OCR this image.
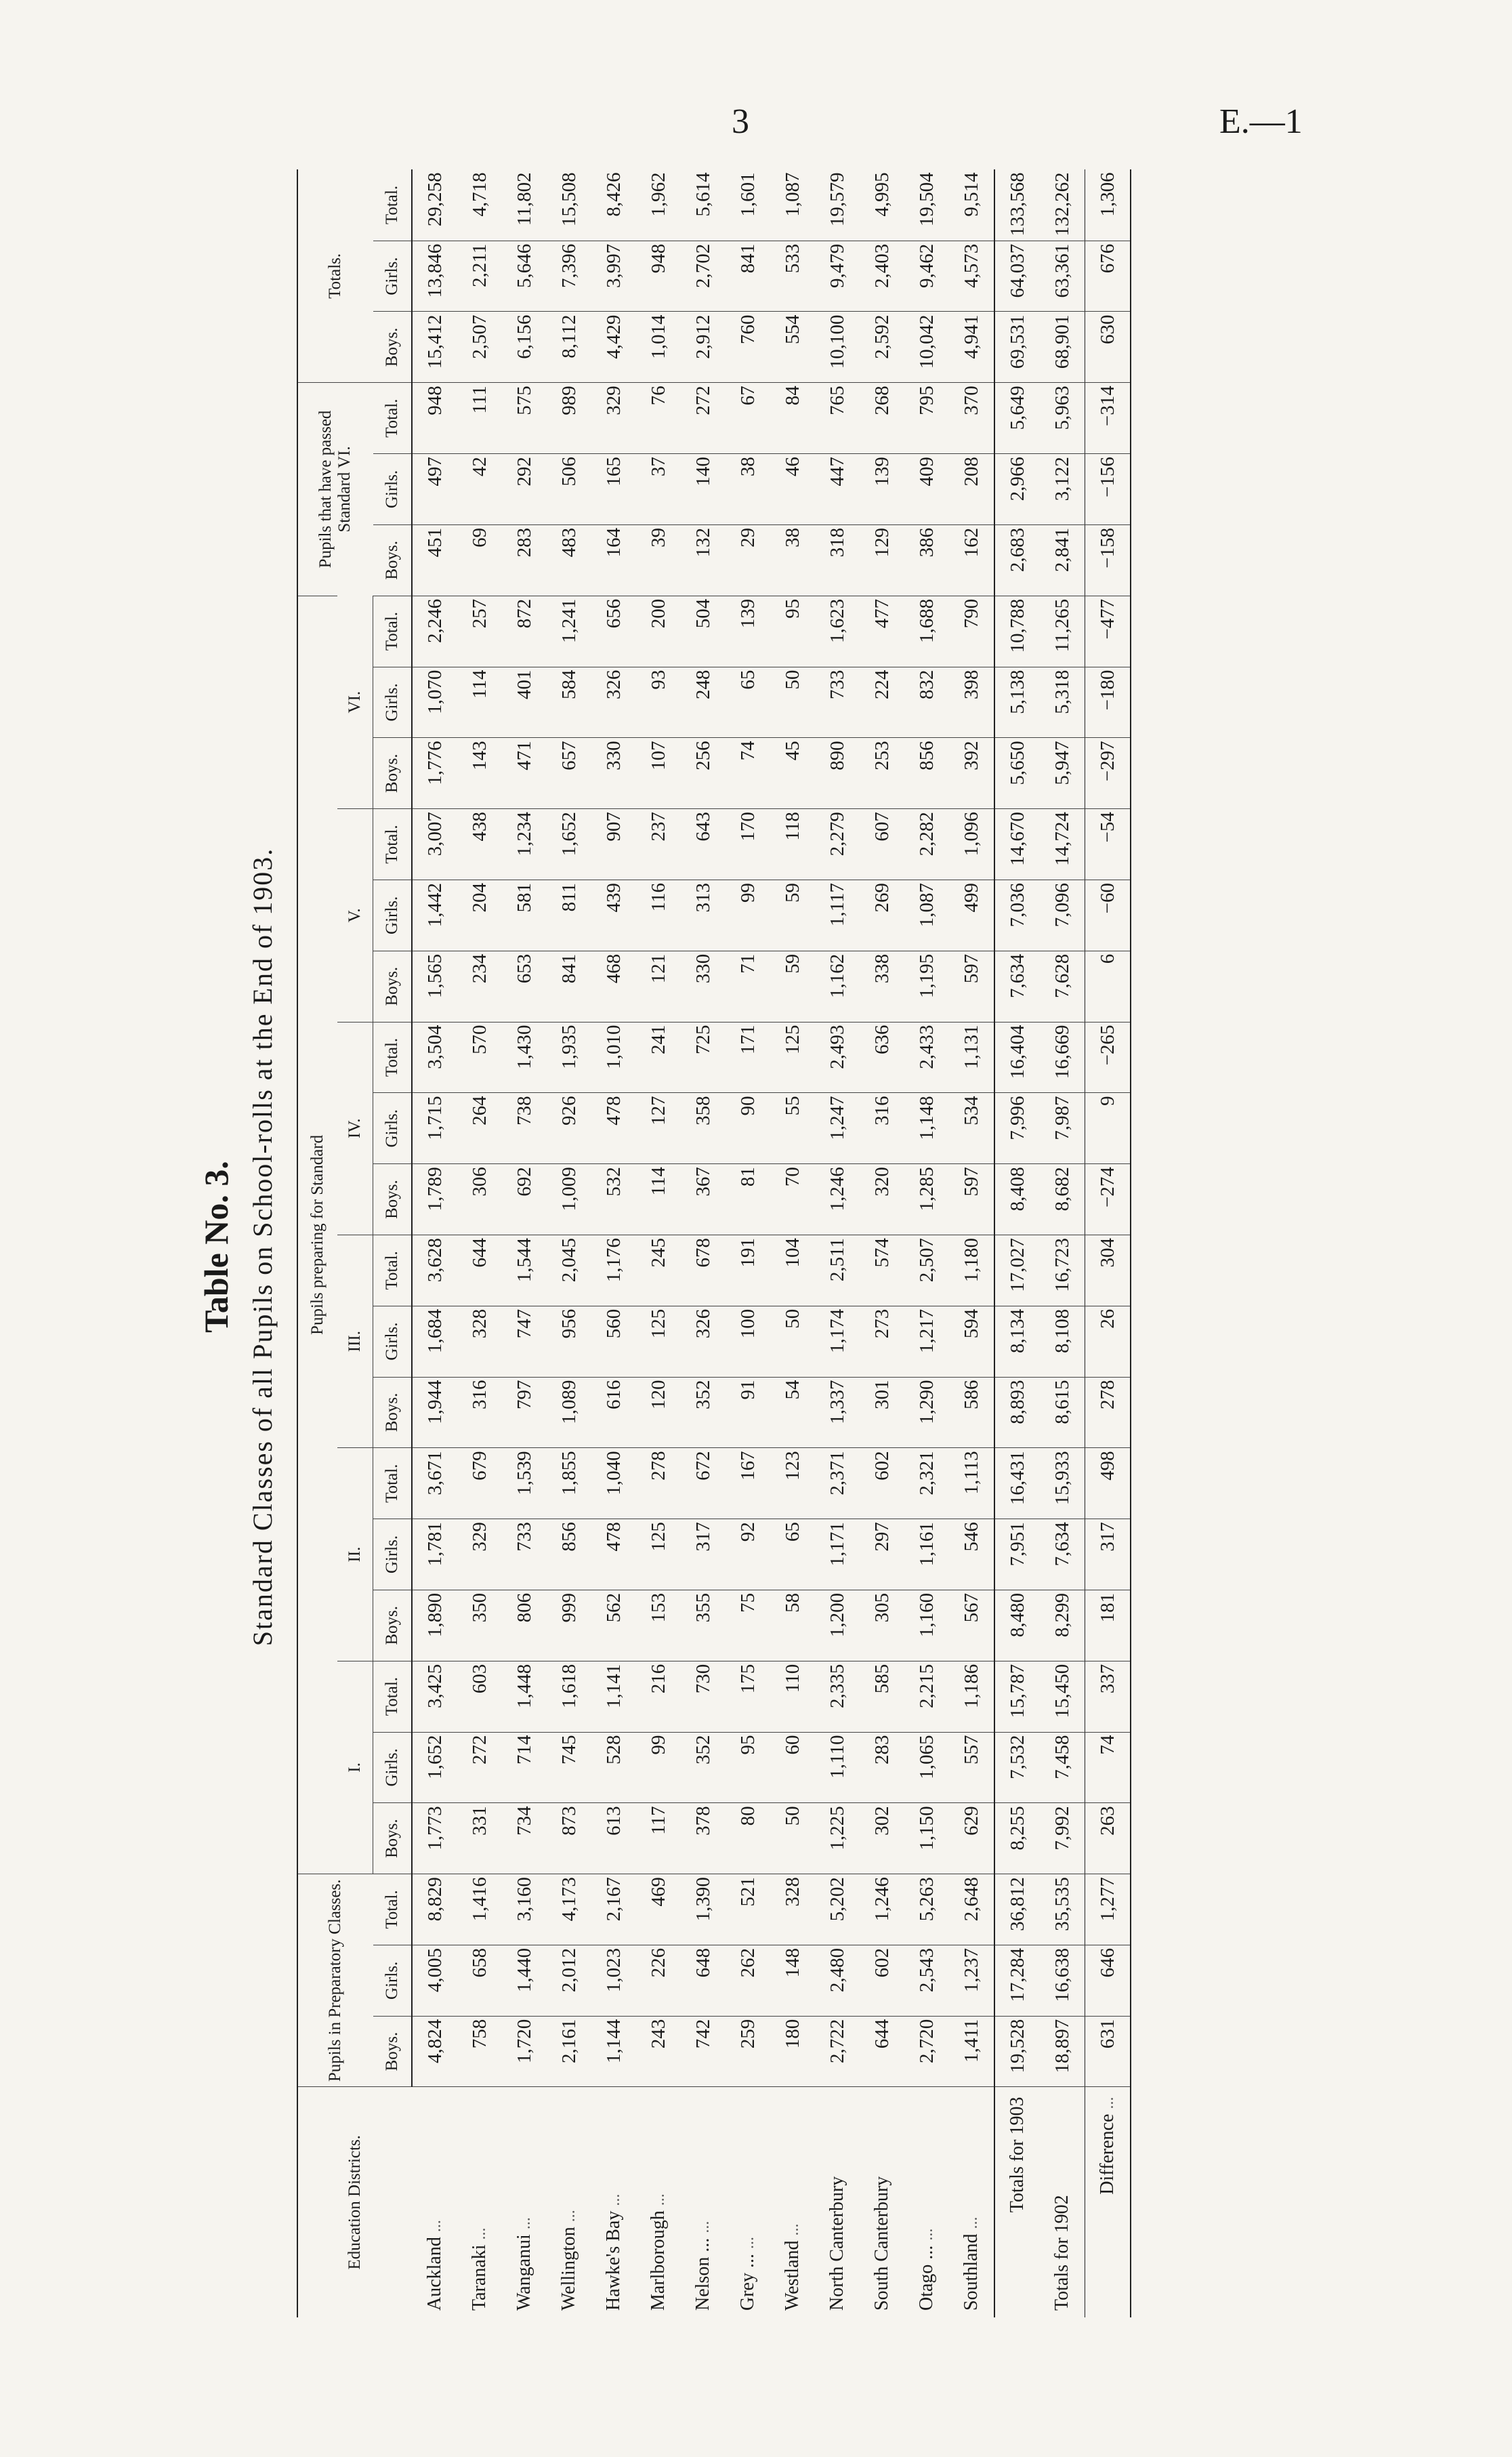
3	E.—1
Table No. 3. Standard Classes of all Pupils on School-rolls at the End of 1903.
Education Districts.	Pupils in Preparatory Classes.			Pupils preparing for Standard																		Pupils that have passed Standard VI.			Totals.		
				I.			II.			III.			IV.			V.			VI.								
	Boys.	Girls.	Total.	Boys.	Girls.	Total.	Boys.	Girls.	Total.	Boys.	Girls.	Total.	Boys.	Girls.	Total.	Boys.	Girls.	Total.	Boys.	Girls.	Total.	Boys.	Girls.	Total.	Boys.	Girls.	Total.
Auckland ...	4,824	4,005	8,829	1,773	1,652	3,425	1,890	1,781	3,671	1,944	1,684	3,628	1,789	1,715	3,504	1,565	1,442	3,007	1,776	1,070	2,246	451	497	948	15,412	13,846	29,258
Taranaki ...	758	658	1,416	331	272	603	350	329	679	316	328	644	306	264	570	234	204	438	143	114	257	69	42	111	2,507	2,211	4,718
Wanganui ...	1,720	1,440	3,160	734	714	1,448	806	733	1,539	797	747	1,544	692	738	1,430	653	581	1,234	471	401	872	283	292	575	6,156	5,646	11,802
Wellington ...	2,161	2,012	4,173	873	745	1,618	999	856	1,855	1,089	956	2,045	1,009	926	1,935	841	811	1,652	657	584	1,241	483	506	989	8,112	7,396	15,508
Hawke's Bay ...	1,144	1,023	2,167	613	528	1,141	562	478	1,040	616	560	1,176	532	478	1,010	468	439	907	330	326	656	164	165	329	4,429	3,997	8,426
Marlborough ...	243	226	469	117	99	216	153	125	278	120	125	245	114	127	241	121	116	237	107	93	200	39	37	76	1,014	948	1,962
Nelson ... ...	742	648	1,390	378	352	730	355	317	672	352	326	678	367	358	725	330	313	643	256	248	504	132	140	272	2,912	2,702	5,614
Grey ... ...	259	262	521	80	95	175	75	92	167	91	100	191	81	90	171	71	99	170	74	65	139	29	38	67	760	841	1,601
Westland ...	180	148	328	50	60	110	58	65	123	54	50	104	70	55	125	59	59	118	45	50	95	38	46	84	554	533	1,087
North Canterbury	2,722	2,480	5,202	1,225	1,110	2,335	1,200	1,171	2,371	1,337	1,174	2,511	1,246	1,247	2,493	1,162	1,117	2,279	890	733	1,623	318	447	765	10,100	9,479	19,579
South Canterbury	644	602	1,246	302	283	585	305	297	602	301	273	574	320	316	636	338	269	607	253	224	477	129	139	268	2,592	2,403	4,995
Otago ... ...	2,720	2,543	5,263	1,150	1,065	2,215	1,160	1,161	2,321	1,290	1,217	2,507	1,285	1,148	2,433	1,195	1,087	2,282	856	832	1,688	386	409	795	10,042	9,462	19,504
Southland ...	1,411	1,237	2,648	629	557	1,186	567	546	1,113	586	594	1,180	597	534	1,131	597	499	1,096	392	398	790	162	208	370	4,941	4,573	9,514
Totals for 1903	19,528	17,284	36,812	8,255	7,532	15,787	8,480	7,951	16,431	8,893	8,134	17,027	8,408	7,996	16,404	7,634	7,036	14,670	5,650	5,138	10,788	2,683	2,966	5,649	69,531	64,037	133,568
Totals for 1902	18,897	16,638	35,535	7,992	7,458	15,450	8,299	7,634	15,933	8,615	8,108	16,723	8,682	7,987	16,669	7,628	7,096	14,724	5,947	5,318	11,265	2,841	3,122	5,963	68,901	63,361	132,262
Difference ...	631	646	1,277	263	74	337	181	317	498	278	26	304	−274	9	−265	6	−60	−54	−297	−180	−477	−158	−156	−314	630	676	1,306
